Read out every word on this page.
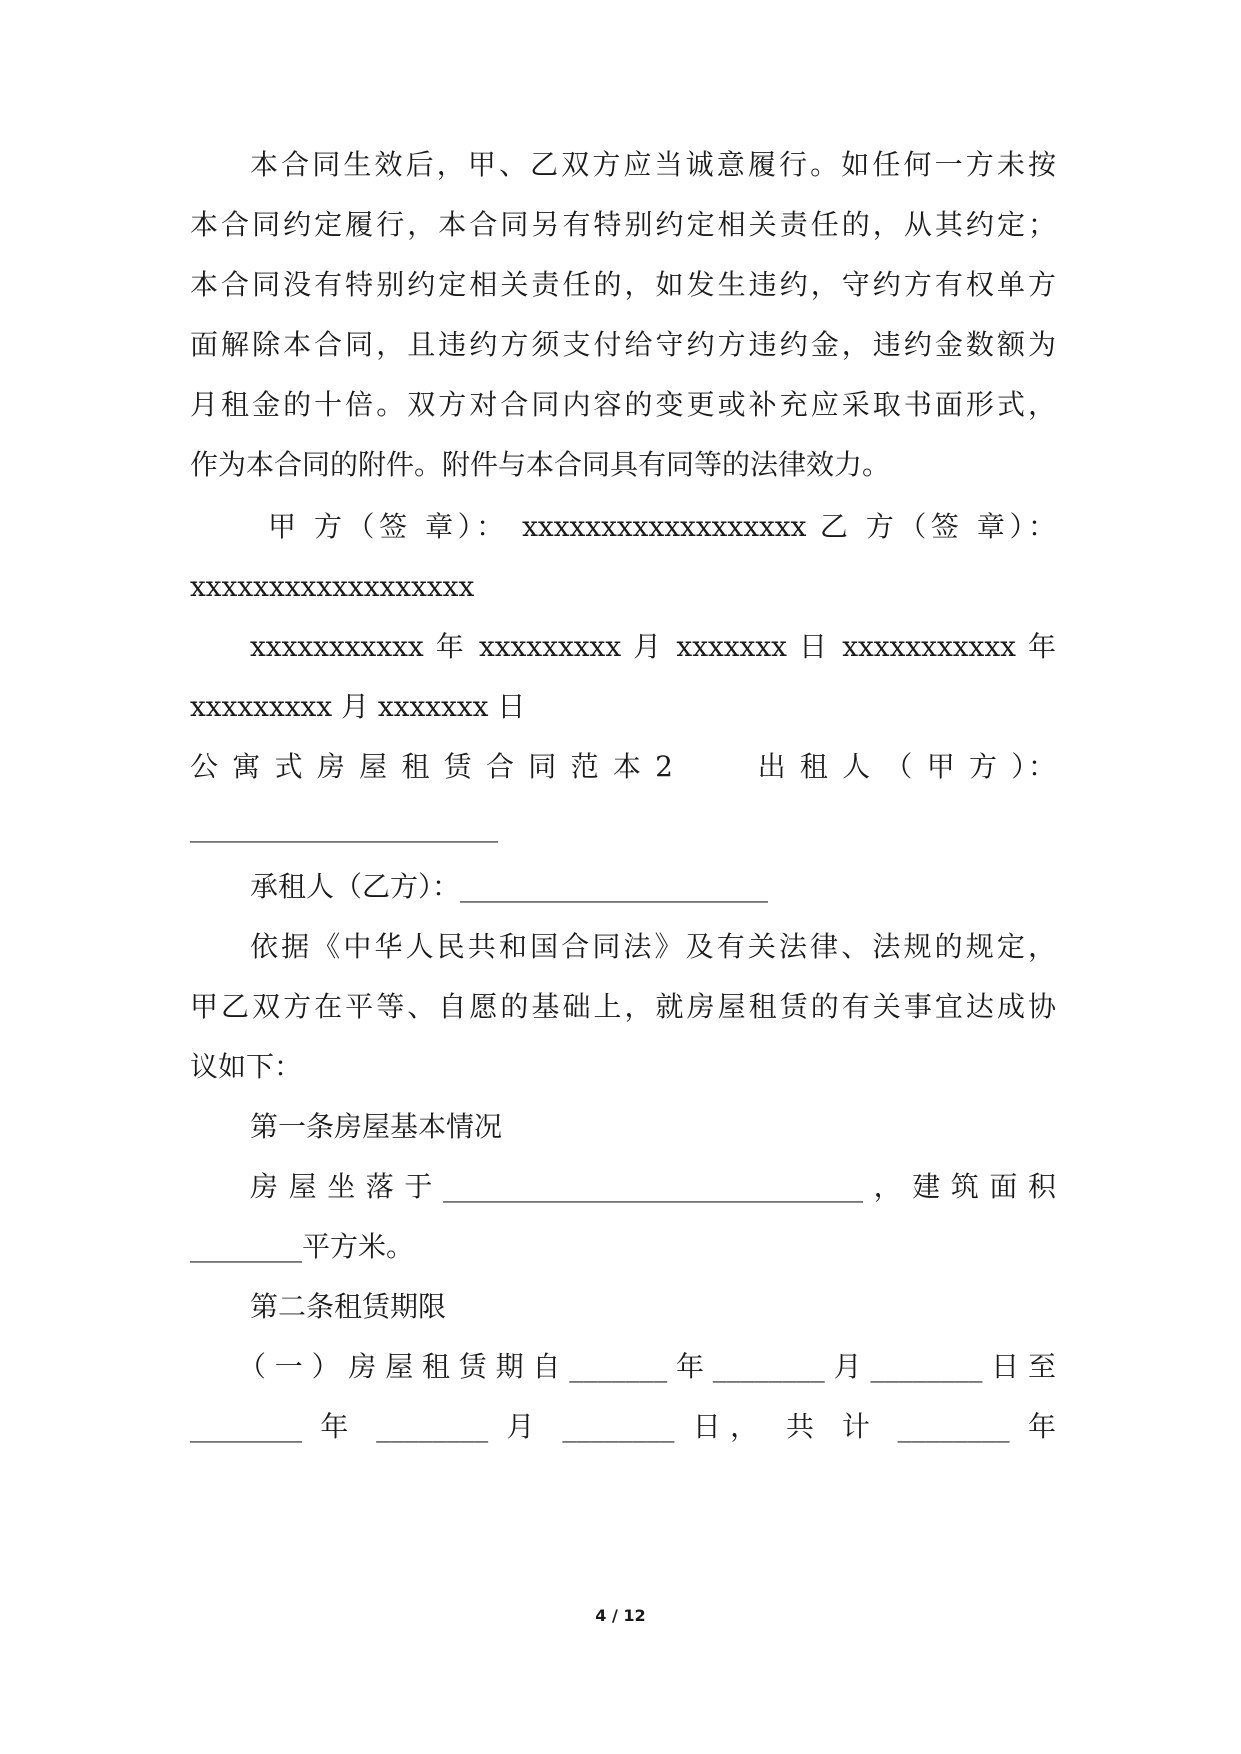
本合同生效后，甲、乙双方应当诚意履行。如任何一方未按
本合同约定履行，本合同另有特别约定相关责任的，从其约定；
本合同没有特别约定相关责任的，如发生违约，守约方有权单方
面解除本合同，且违约方须支付给守约方违约金，违约金数额为
月租金的十倍。双方对合同内容的变更或补充应采取书面形式，
作为本合同的附件。附件与本合同具有同等的法律效力。
甲 方（签 章）： xxxxxxxxxxxxxxxxxx 乙 方（签 章）：
xxxxxxxxxxxxxxxxxx
xxxxxxxxxxx 年 xxxxxxxxx 月 xxxxxxx 日 xxxxxxxxxxx 年
xxxxxxxxx 月 xxxxxxx 日
公 寓 式 房 屋 租 赁 合 同 范 本 2 　　 出 租 人 （ 甲 方 ）：
______________________
承租人（乙方）：______________________
依据《中华人民共和国合同法》及有关法律、法规的规定，
甲乙双方在平等、自愿的基础上，就房屋租赁的有关事宜达成协
议如下：
第一条房屋基本情况
房屋坐落于______________________________，建筑面积
________平方米。
第二条租赁期限
（一）房屋租赁期自_______年________月________日至
________ 年 ________ 月 ________ 日， 共 计 ________ 年
4 / 12
